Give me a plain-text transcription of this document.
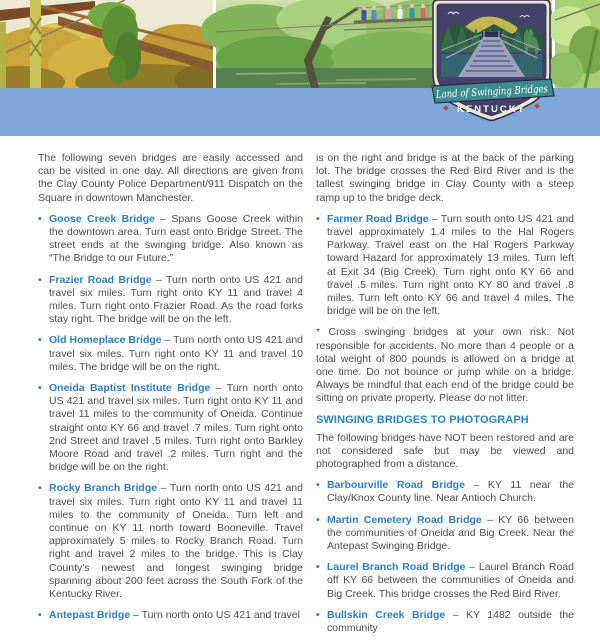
Land of Swinging Bridges
KENTUCKY

The following seven bridges are easily accessed and can be visited in one day. All directions are given from the Clay County Police Department/911 Dispatch on the Square in downtown Manchester.

• Goose Creek Bridge – Spans Goose Creek within the downtown area. Turn east onto Bridge Street. The street ends at the swinging bridge. Also known as “The Bridge to our Future.”
• Frazier Road Bridge – Turn north onto US 421 and travel six miles. Turn right onto KY 11 and travel 4 miles. Turn right onto Frazier Road. As the road forks stay right. The bridge will be on the left.
• Old Homeplace Bridge – Turn north onto US 421 and travel six miles. Turn right onto KY 11 and travel 10 miles. The bridge will be on the right.
• Oneida Baptist Institute Bridge – Turn north onto US 421 and travel six miles. Turn right onto KY 11 and travel 11 miles to the community of Oneida. Continue straight onto KY 66 and travel .7 miles. Turn right onto 2nd Street and travel .5 miles. Turn right onto Barkley Moore Road and travel .2 miles. Turn right and the bridge will be on the right.
• Rocky Branch Bridge – Turn north onto US 421 and travel six miles. Turn right onto KY 11 and travel 11 miles to the community of Oneida. Turn left and continue on KY 11 north toward Booneville. Travel approximately 5 miles to Rocky Branch Road. Turn right and travel 2 miles to the bridge. This is Clay County’s newest and longest swinging bridge spanning about 200 feet across the South Fork of the Kentucky River.
• Antepast Bridge – Turn north onto US 421 and travel

is on the right and bridge is at the back of the parking lot. The bridge crosses the Red Bird River and is the tallest swinging bridge in Clay County with a steep ramp up to the bridge deck.

• Farmer Road Bridge – Turn south onto US 421 and travel approximately 1.4 miles to the Hal Rogers Parkway. Travel east on the Hal Rogers Parkway toward Hazard for approximately 13 miles. Turn left at Exit 34 (Big Creek). Turn right onto KY 66 and travel .5 miles. Turn right onto KY 80 and travel .8 miles. Turn left onto KY 66 and travel 4 miles. The bridge will be on the left.

* Cross swinging bridges at your own risk. Not responsible for accidents. No more than 4 people or a total weight of 800 pounds is allowed on a bridge at one time. Do not bounce or jump while on a bridge. Always be mindful that each end of the bridge could be sitting on private property. Please do not litter.

SWINGING BRIDGES TO PHOTOGRAPH

The following bridges have NOT been restored and are not considered safe but may be viewed and photographed from a distance.

• Barbourville Road Bridge – KY 11 near the Clay/Knox County line. Near Antioch Church.
• Martin Cemetery Road Bridge – KY 66 between the communities of Oneida and Big Creek. Near the Antepast Swinging Bridge.
• Laurel Branch Road Bridge – Laurel Branch Road off KY 66 between the communities of Oneida and Big Creek. This bridge crosses the Red Bird River.
• Bullskin Creek Bridge – KY 1482 outside the community
